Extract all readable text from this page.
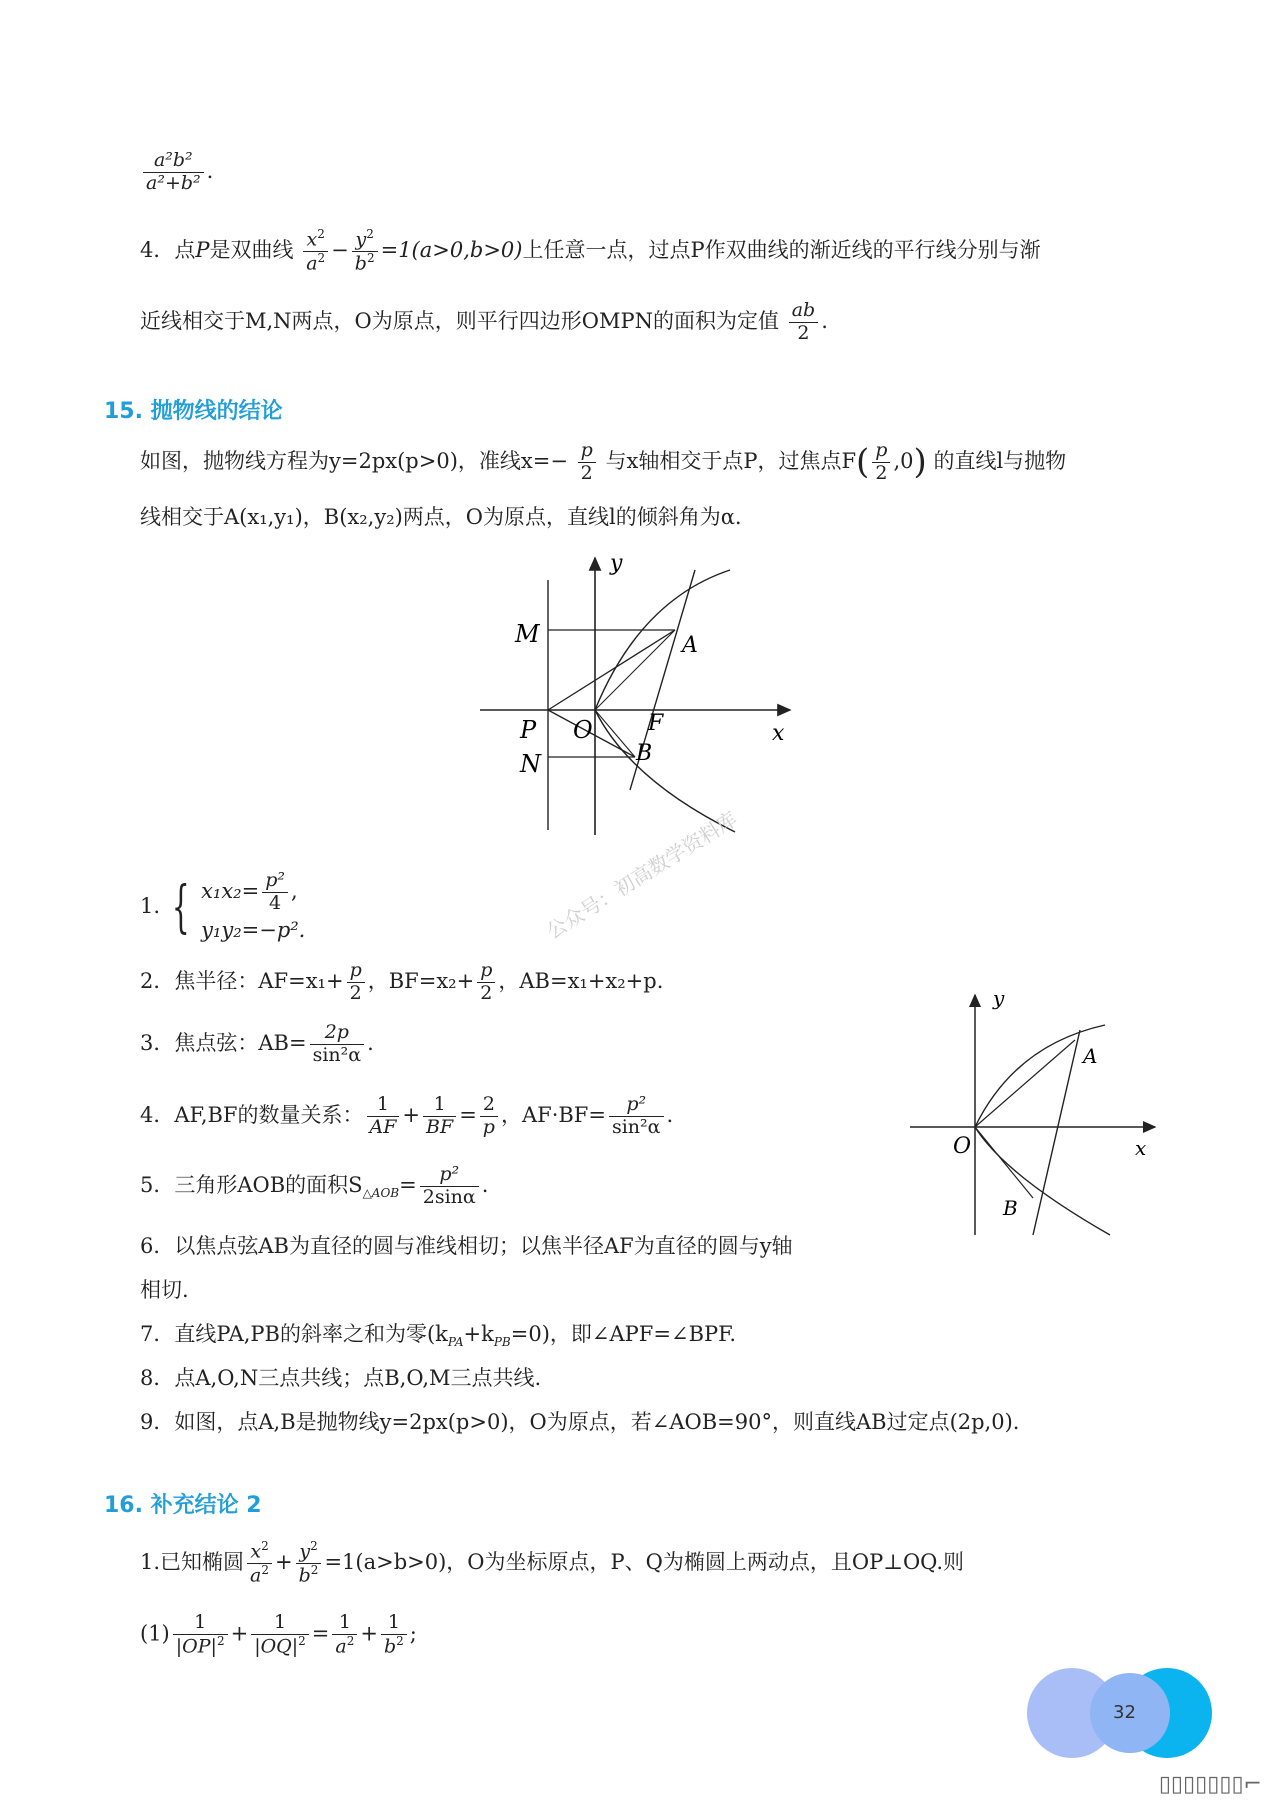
$\frac{\text{a²b²}}{\text{a²+b²}}$ .
4．点P是双曲线 $\frac{x^2}{a^2} - \frac{y^2}{b^2} =1(a>0,b>0)$上任意一点，过点P作双曲线的渐近线的平行线分别与渐
近线相交于M,N两点，O为原点，则平行四边形OMPN的面积为定值 $\frac{ab}{2}$ .
15. 抛物线的结论
如图，抛物线方程为y=2px(p>0)，准线$x=- \frac{p}{2}$ 与x轴相交于点P，过焦点$F( \frac{p}{2} ,0)$ 的直线l与抛物
线相交于A(x₁,y₁)，B(x₂,y₂)两点，O为原点，直线l的倾斜角为α.
y
x
M	A
P O	F
N	B
1. { $x_1x_2= \frac{\text{p²}}{4}$ ,
y₁y₂=−p².	公众号：初高数学资料库
2．焦半径：$AF=x_1+ \frac{p}{2}$ ，$BF=x_2+ \frac{p}{2}$ ，AB=x₁+x₂+p.
3．焦点弦：$AB= \frac{2p}{\text{sin²α}}$ .
4．AF,BF的数量关系： $\frac{1}{AF} + \frac{1}{BF} = \frac{2}{p}$ ，$AF\cdot BF= \frac{\text{p²}}{\text{sin²α}}$ .
5．三角形AOB的面积$S_{\triangle AOB}= \frac{\text{p²}}{2\sin\alpha}$ .
6．以焦点弦AB为直径的圆与准线相切；以焦半径AF为直径的圆与y轴
相切.
7．直线PA,PB的斜率之和为零$(k_{PA}+k_{PB}=0)$，即∠APF=∠BPF.
8．点A,O,N三点共线；点B,O,M三点共线.
9．如图，点A,B是抛物线y=2px(p>0)，O为原点，若∠AOB=90°，则直线AB过定点(2p,0).
y
x
A
O
B
16. 补充结论 2
1.已知椭圆 $\frac{x^2}{a^2} + \frac{y^2}{b^2} =1(a>b>0)$，O为坐标原点，P、Q为椭圆上两动点，且OP⊥OQ.则
$(1) \frac{1}{|OP|^2} + \frac{1}{|OQ|^2} = \frac{1}{a^2} + \frac{1}{b^2}$ ;
32
▯▯▯▯▯▯▯⌐
